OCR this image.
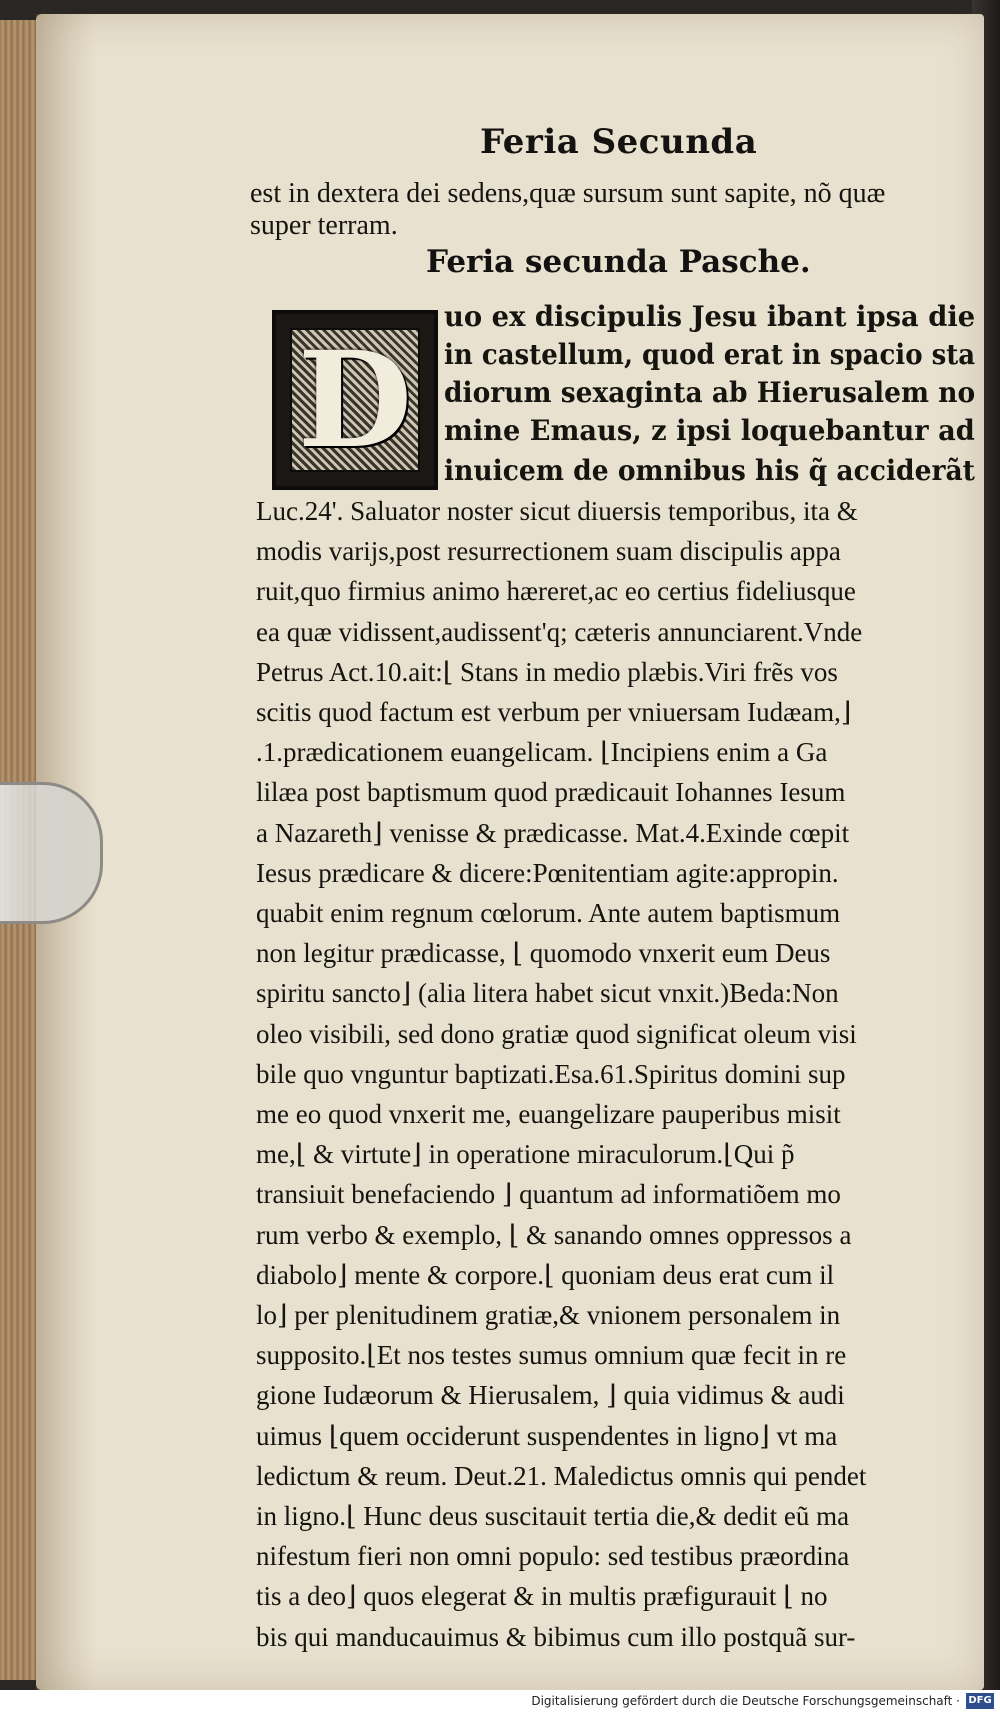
Feria Secunda
est in dextera dei sedens,quæ sursum sunt sapite, nõ quæ
super terram.
Feria secunda Pasche.
D
uo ex discipulis Jesu ibant ipsa die
in castellum, quod erat in spacio sta
diorum sexaginta ab Hierusalem no
mine Emaus, z ipsi loquebantur ad
inuicem de omnibus his q̃ acciderãt
Luc.24'. Saluator noster sicut diuersis temporibus, ita &
modis varijs,post resurrectionem suam discipulis appa
ruit,quo firmius animo hæreret,ac eo certius fideliusque
ea quæ vidissent,audissent'q; cæteris annunciarent.Vnde
Petrus Act.10.ait:⌊ Stans in medio plæbis.Viri frẽs vos
scitis quod factum est verbum per vniuersam Iudæam,⌋
.1.prædicationem euangelicam. ⌊Incipiens enim a Ga
lilæa post baptismum quod prædicauit Iohannes Iesum
a Nazareth⌋ venisse & prædicasse. Mat.4.Exinde cœpit
Iesus prædicare & dicere:Pœnitentiam agite:appropin.
quabit enim regnum cœlorum. Ante autem baptismum
non legitur prædicasse, ⌊ quomodo vnxerit eum Deus
spiritu sancto⌋ (alia litera habet sicut vnxit.)Beda:Non
oleo visibili, sed dono gratiæ quod significat oleum visi
bile quo vnguntur baptizati.Esa.61.Spiritus domini sup
me eo quod vnxerit me, euangelizare pauperibus misit
me,⌊ & virtute⌋ in operatione miraculorum.⌊Qui p̃
transiuit benefaciendo ⌋ quantum ad informatiõem mo
rum verbo & exemplo, ⌊ & sanando omnes oppressos a
diabolo⌋ mente & corpore.⌊ quoniam deus erat cum il
lo⌋ per plenitudinem gratiæ,& vnionem personalem in
supposito.⌊Et nos testes sumus omnium quæ fecit in re
gione Iudæorum & Hierusalem, ⌋ quia vidimus & audi
uimus ⌊quem occiderunt suspendentes in ligno⌋ vt ma
ledictum & reum. Deut.21. Maledictus omnis qui pendet
in ligno.⌊ Hunc deus suscitauit tertia die,& dedit eũ ma
nifestum fieri non omni populo: sed testibus præordina
tis a deo⌋ quos elegerat & in multis præfigurauit ⌊ no
bis qui manducauimus & bibimus cum illo postquã sur-
Digitalisierung gefördert durch die Deutsche Forschungsgemeinschaft · DFG
